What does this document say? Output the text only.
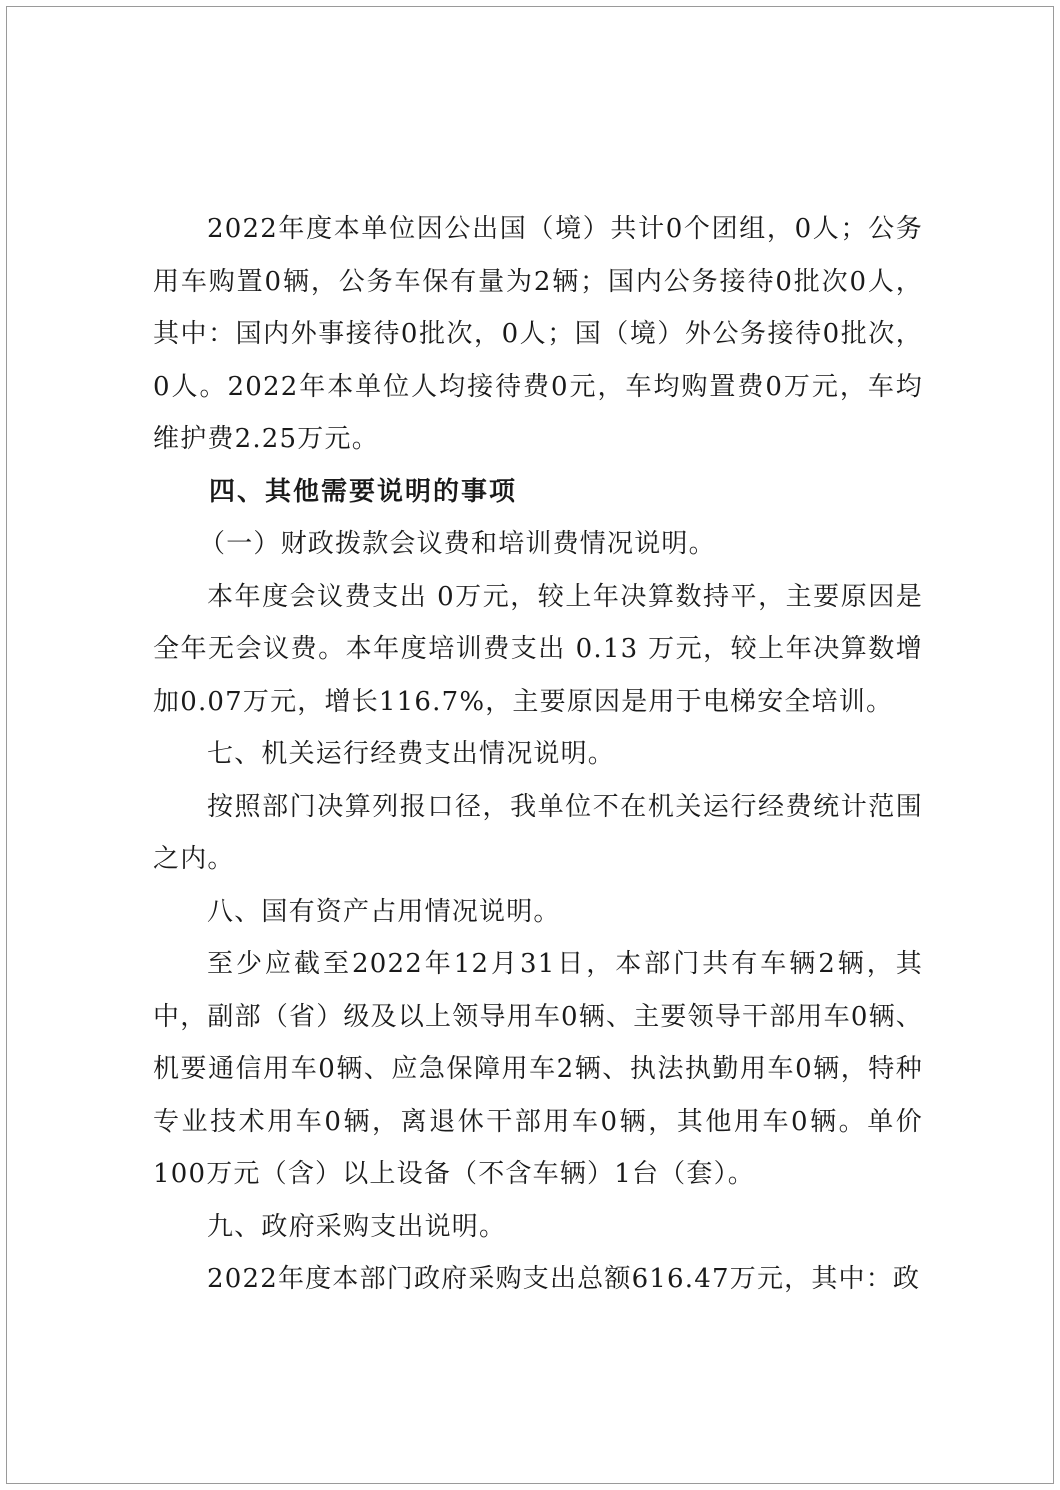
2022年度本单位因公出国（境）共计0个团组，0人；公务用车购置0辆，公务车保有量为2辆；国内公务接待0批次0人，其中：国内外事接待0批次，0人；国（境）外公务接待0批次，0人。2022年本单位人均接待费0元，车均购置费0万元，车均维护费2.25万元。

四、其他需要说明的事项

（一）财政拨款会议费和培训费情况说明。

本年度会议费支出 0万元，较上年决算数持平，主要原因是全年无会议费。本年度培训费支出 0.13 万元，较上年决算数增加0.07万元，增长116.7%，主要原因是用于电梯安全培训。

七、机关运行经费支出情况说明。

按照部门决算列报口径，我单位不在机关运行经费统计范围之内。

八、国有资产占用情况说明。

至少应截至2022年12月31日，本部门共有车辆2辆，其中，副部（省）级及以上领导用车0辆、主要领导干部用车0辆、机要通信用车0辆、应急保障用车2辆、执法执勤用车0辆，特种专业技术用车0辆，离退休干部用车0辆，其他用车0辆。单价100万元（含）以上设备（不含车辆）1台（套）。

九、政府采购支出说明。

2022年度本部门政府采购支出总额616.47万元，其中：政
